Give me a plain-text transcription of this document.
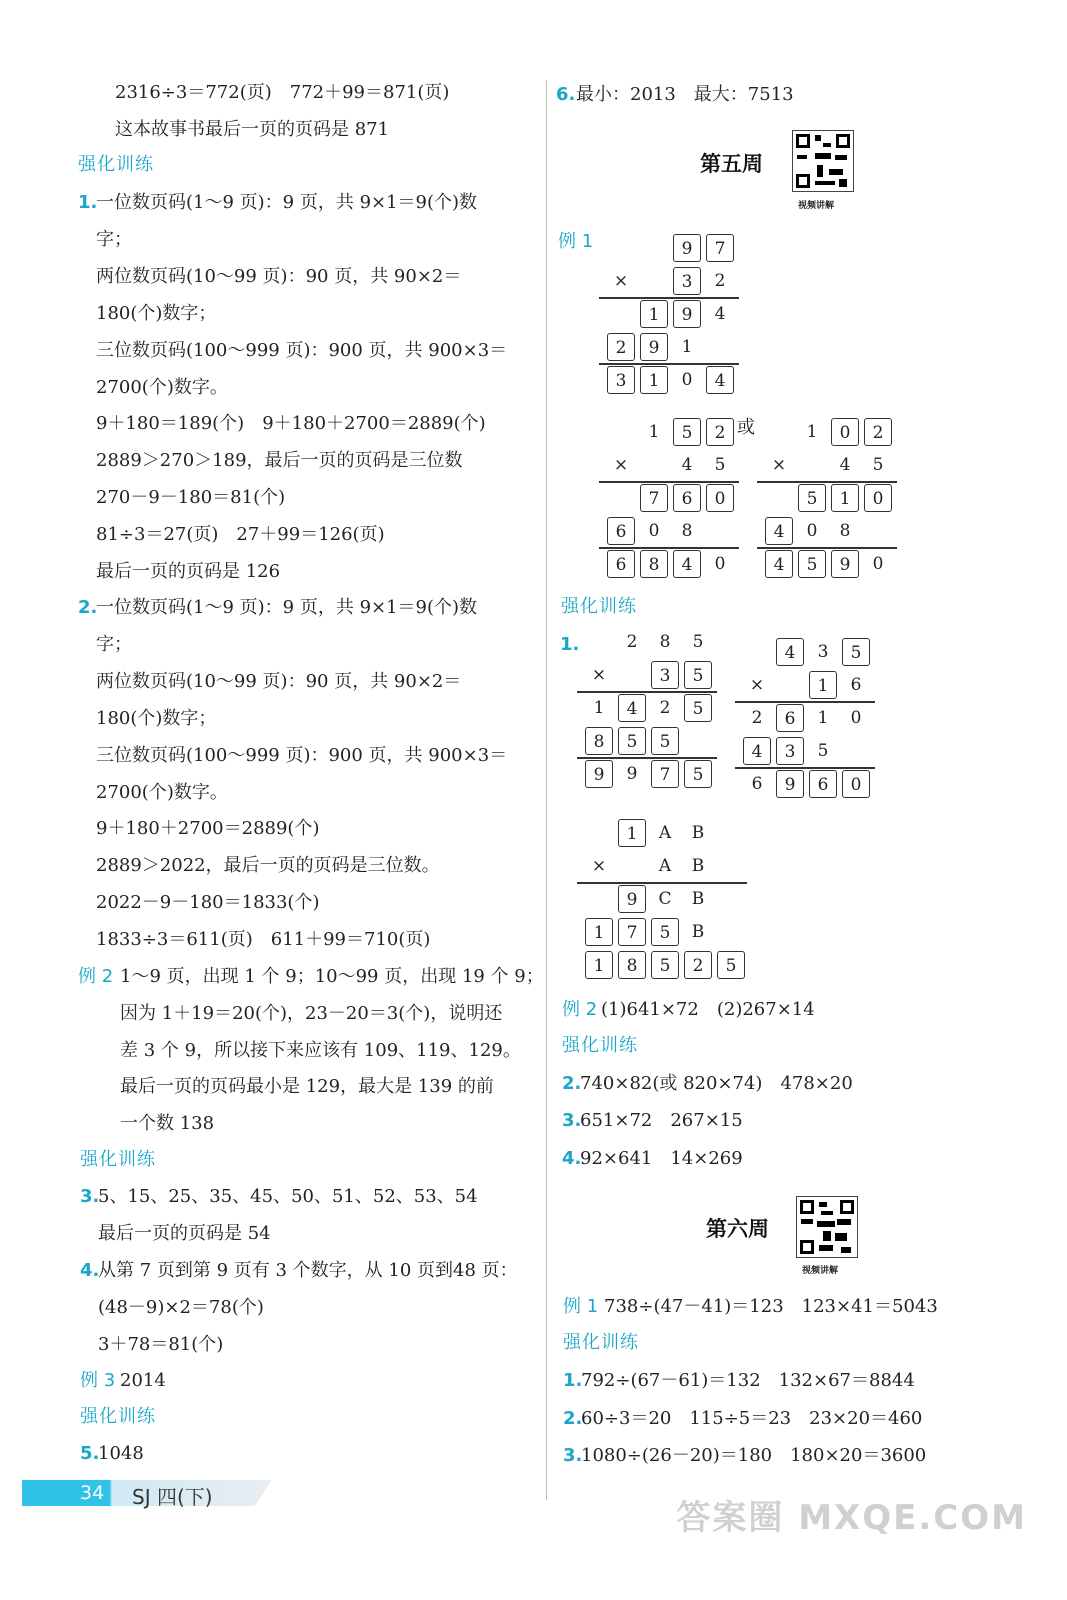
2316÷3＝772(页)　772＋99＝871(页)
这本故事书最后一页的页码是 871
强化训练
1.
一位数页码(1～9 页)：9 页，共 9×1＝9(个)数
字；
两位数页码(10～99 页)：90 页，共 90×2＝
180(个)数字；
三位数页码(100～999 页)：900 页，共 900×3＝
2700(个)数字。
9＋180＝189(个)　9＋180＋2700＝2889(个)
2889＞270＞189，最后一页的页码是三位数
270－9－180＝81(个)
81÷3＝27(页)　27＋99＝126(页)
最后一页的页码是 126
2.
一位数页码(1～9 页)：9 页，共 9×1＝9(个)数
字；
两位数页码(10～99 页)：90 页，共 90×2＝
180(个)数字；
三位数页码(100～999 页)：900 页，共 900×3＝
2700(个)数字。
9＋180＋2700＝2889(个)
2889＞2022，最后一页的页码是三位数。
2022－9－180＝1833(个)
1833÷3＝611(页)　611＋99＝710(页)
例 2 1～9 页，出现 1 个 9；10～99 页，出现 19 个 9；
因为 1＋19＝20(个)，23－20＝3(个)，说明还
差 3 个 9，所以接下来应该有 109、119、129。
最后一页的页码最小是 129，最大是 139 的前
一个数 138
强化训练
3.
5、15、25、35、45、50、51、52、53、54
最后一页的页码是 54
4.
从第 7 页到第 9 页有 3 个数字，从 10 页到48 页：
(48－9)×2＝78(个)
3＋78＝81(个)
例 3 2014
强化训练
5.
1048
6. 最小：2013　最大：7513
第五周
视频讲解
例 1	9	7
×	3	2
1	9	4
2	9	1
3	1	0	4
或
1	5	2
×	4	5
7	6	0
6	0	8
6	8	4	0
1	0	2
×	4	5
5	1	0
4	0	8
4	5	9	0
强化训练
1.	2	8	5
×	3	5
1	4	2	5
8	5	5
9	9	7	5
4	3	5
×	1	6
2	6	1	0
4	3	5
6	9	6	0
1	A	B
×	A	B
9	C	B
1	7	5	B
1	8	5	2	5
例 2 (1)641×72　(2)267×14
强化训练
2.
740×82(或 820×74)　478×20
3.
651×72　267×15
4.
92×641　14×269
第六周
视频讲解
例 1 738÷(47－41)＝123　123×41＝5043
强化训练
1.
792÷(67－61)＝132　132×67＝8844
2.
60÷3＝20　115÷5＝23　23×20＝460
3.
1080÷(26－20)＝180　180×20＝3600
34 SJ 四(下)
答案圈 MXQE.COM
